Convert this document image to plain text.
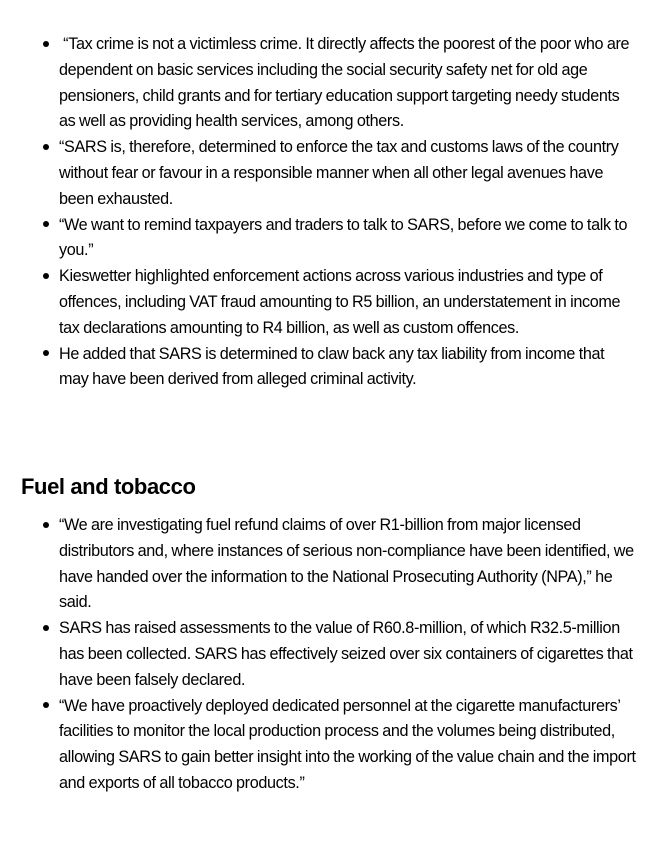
“Tax crime is not a victimless crime. It directly affects the poorest of the poor who are dependent on basic services including the social security safety net for old age pensioners, child grants and for tertiary education support targeting needy students as well as providing health services, among others.
“SARS is, therefore, determined to enforce the tax and customs laws of the country without fear or favour in a responsible manner when all other legal avenues have been exhausted.
“We want to remind taxpayers and traders to talk to SARS, before we come to talk to you.”
Kieswetter highlighted enforcement actions across various industries and type of offences, including VAT fraud amounting to R5 billion, an understatement in income tax declarations amounting to R4 billion, as well as custom offences.
He added that SARS is determined to claw back any tax liability from income that may have been derived from alleged criminal activity.
Fuel and tobacco
“We are investigating fuel refund claims of over R1-billion from major licensed distributors and, where instances of serious non-compliance have been identified, we have handed over the information to the National Prosecuting Authority (NPA),” he said.
SARS has raised assessments to the value of R60.8-million, of which R32.5-million has been collected. SARS has effectively seized over six containers of cigarettes that have been falsely declared.
“We have proactively deployed dedicated personnel at the cigarette manufacturers’ facilities to monitor the local production process and the volumes being distributed, allowing SARS to gain better insight into the working of the value chain and the import and exports of all tobacco products.”
